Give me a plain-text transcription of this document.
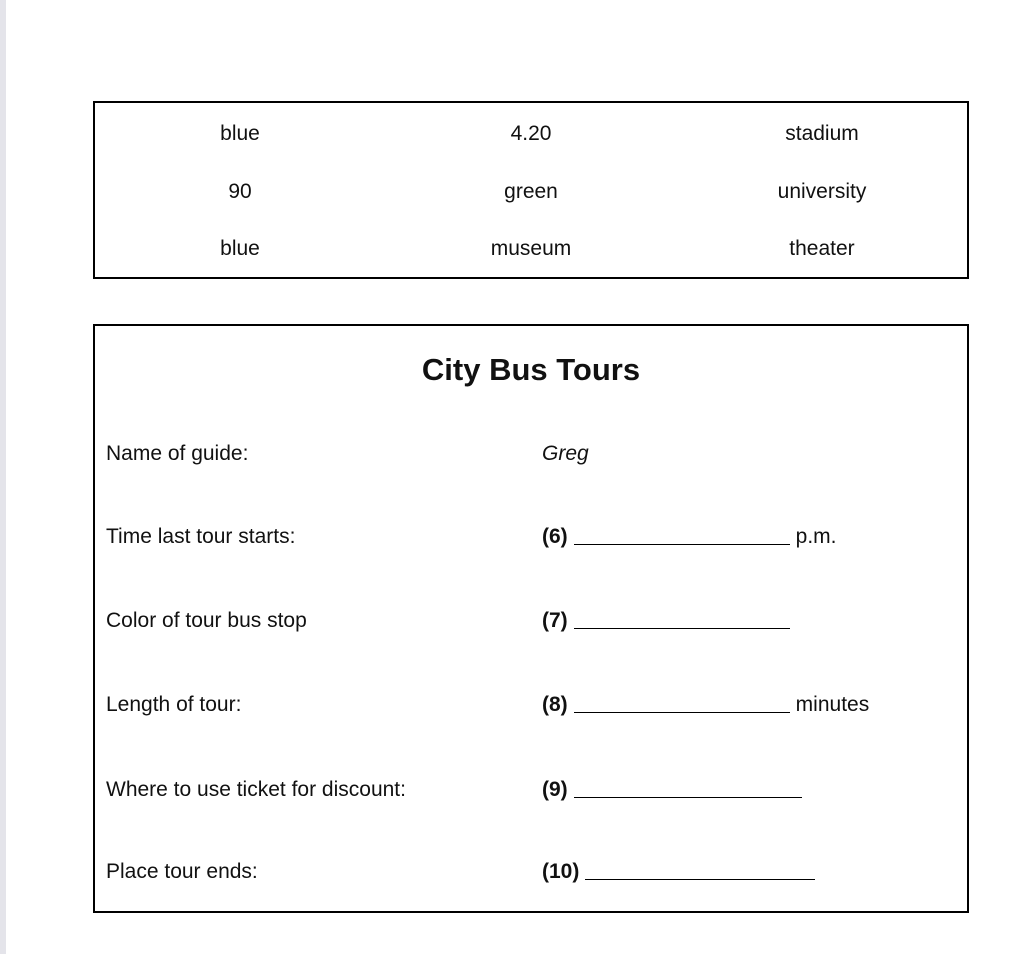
blue	4.20	stadium
90	green	university
blue	museum	theater
City Bus Tours
Name of guide:	Greg
Time last tour starts:	(6)	p.m.
Color of tour bus stop	(7)
Length of tour:	(8)	minutes
Where to use ticket for discount:	(9)
Place tour ends:	(10)
